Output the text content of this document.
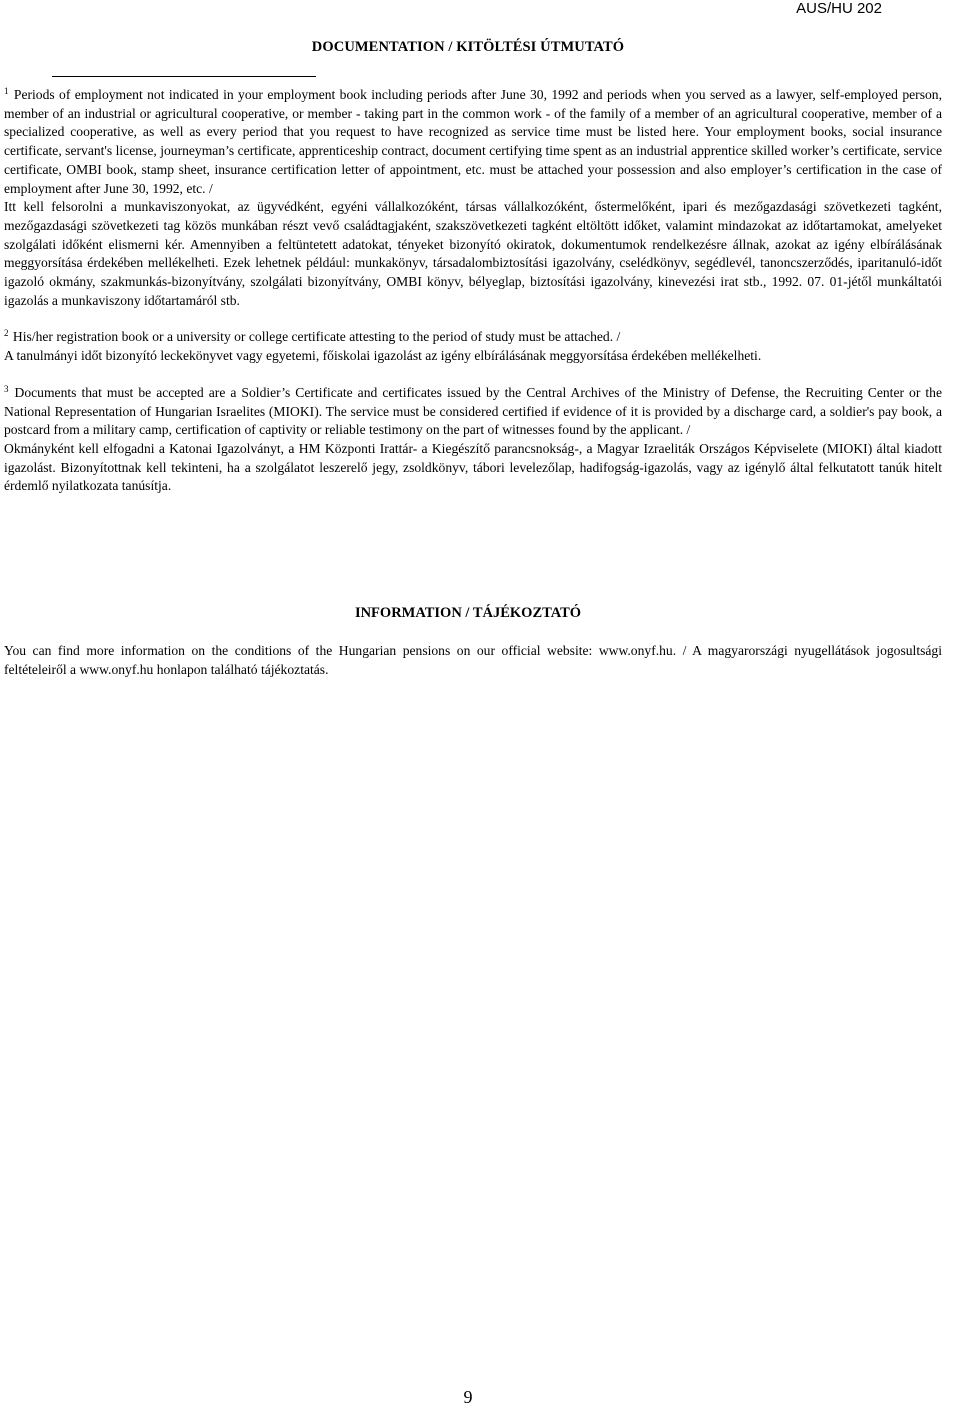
AUS/HU 202
DOCUMENTATION / KITÖLTÉSI ÚTMUTATÓ

$^1$ Periods of employment not indicated in your employment book including periods after June 30, 1992 and periods when you served as a lawyer, self-employed person, member of an industrial or agricultural cooperative, or member - taking part in the common work - of the family of a member of an agricultural cooperative, member of a specialized cooperative, as well as every period that you request to have recognized as service time must be listed here. Your employment books, social insurance certificate, servant's license, journeyman’s certificate, apprenticeship contract, document certifying time spent as an industrial apprentice skilled worker’s certificate, service certificate, OMBI book, stamp sheet, insurance certification letter of appointment, etc. must be attached your possession and also employer’s certification in the case of employment after June 30, 1992, etc. /

Itt kell felsorolni a munkaviszonyokat, az ügyvédként, egyéni vállalkozóként, társas vállalkozóként, őstermelőként, ipari és mezőgazdasági szövetkezeti tagként, mezőgazdasági szövetkezeti tag közös munkában részt vevő családtagjaként, szakszövetkezeti tagként eltöltött időket, valamint mindazokat az időtartamokat, amelyeket szolgálati időként elismerni kér. Amennyiben a feltüntetett adatokat, tényeket bizonyító okiratok, dokumentumok rendelkezésre állnak, azokat az igény elbírálásának meggyorsítása érdekében mellékelheti. Ezek lehetnek például: munkakönyv, társadalombiztosítási igazolvány, cselédkönyv, segédlevél, tanoncszerződés, iparitanuló-időt igazoló okmány, szakmunkás-bizonyítvány, szolgálati bizonyítvány, OMBI könyv, bélyeglap, biztosítási igazolvány, kinevezési irat stb., 1992. 07. 01-jétől munkáltatói igazolás a munkaviszony időtartamáról stb.

$^2$ His/her registration book or a university or college certificate attesting to the period of study must be attached. /

A tanulmányi időt bizonyító leckekönyvet vagy egyetemi, főiskolai igazolást az igény elbírálásának meggyorsítása érdekében mellékelheti.

$^3$ Documents that must be accepted are a Soldier’s Certificate and certificates issued by the Central Archives of the Ministry of Defense, the Recruiting Center or the National Representation of Hungarian Israelites (MIOKI). The service must be considered certified if evidence of it is provided by a discharge card, a soldier's pay book, a postcard from a military camp, certification of captivity or reliable testimony on the part of witnesses found by the applicant. /

Okmányként kell elfogadni a Katonai Igazolványt, a HM Központi Irattár- a Kiegészítő parancsnokság-, a Magyar Izraeliták Országos Képviselete (MIOKI) által kiadott igazolást. Bizonyítottnak kell tekinteni, ha a szolgálatot leszerelő jegy, zsoldkönyv, tábori levelezőlap, hadifogság-igazolás, vagy az igénylő által felkutatott tanúk hitelt érdemlő nyilatkozata tanúsítja.

INFORMATION / TÁJÉKOZTATÓ

You can find more information on the conditions of the Hungarian pensions on our official website: www.onyf.hu. / A magyarországi nyugellátások jogosultsági feltételeiről a www.onyf.hu honlapon található tájékoztatás.

9
